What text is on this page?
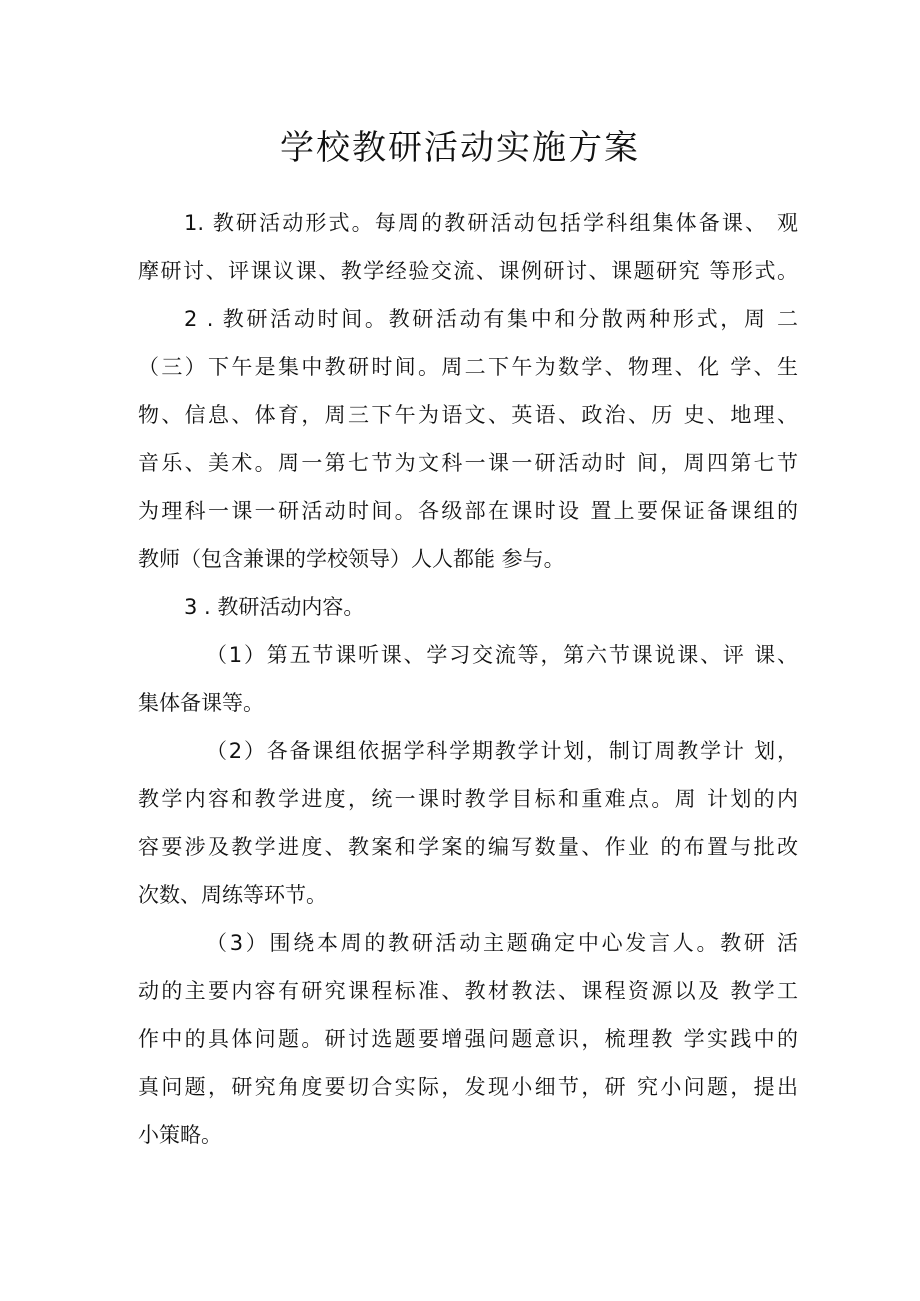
学校教研活动实施方案
1. 教研活动形式。每周的教研活动包括学科组集体备课、 观
摩研讨、评课议课、教学经验交流、课例研讨、课题研究 等形式。
2 . 教研活动时间。教研活动有集中和分散两种形式，周 二
（三）下午是集中教研时间。周二下午为数学、物理、化 学、生
物、信息、体育，周三下午为语文、英语、政治、历 史、地理、
音乐、美术。周一第七节为文科一课一研活动时 间，周四第七节
为理科一课一研活动时间。各级部在课时设 置上要保证备课组的
教师（包含兼课的学校领导）人人都能 参与。
3 . 教研活动内容。
（1）第五节课听课、学习交流等，第六节课说课、评 课、
集体备课等。
（2）各备课组依据学科学期教学计划，制订周教学计 划，
教学内容和教学进度，统一课时教学目标和重难点。周 计划的内
容要涉及教学进度、教案和学案的编写数量、作业 的布置与批改
次数、周练等环节。
（3）围绕本周的教研活动主题确定中心发言人。教研 活
动的主要内容有研究课程标准、教材教法、课程资源以及 教学工
作中的具体问题。研讨选题要增强问题意识，梳理教 学实践中的
真问题，研究角度要切合实际，发现小细节，研 究小问题，提出
小策略。
